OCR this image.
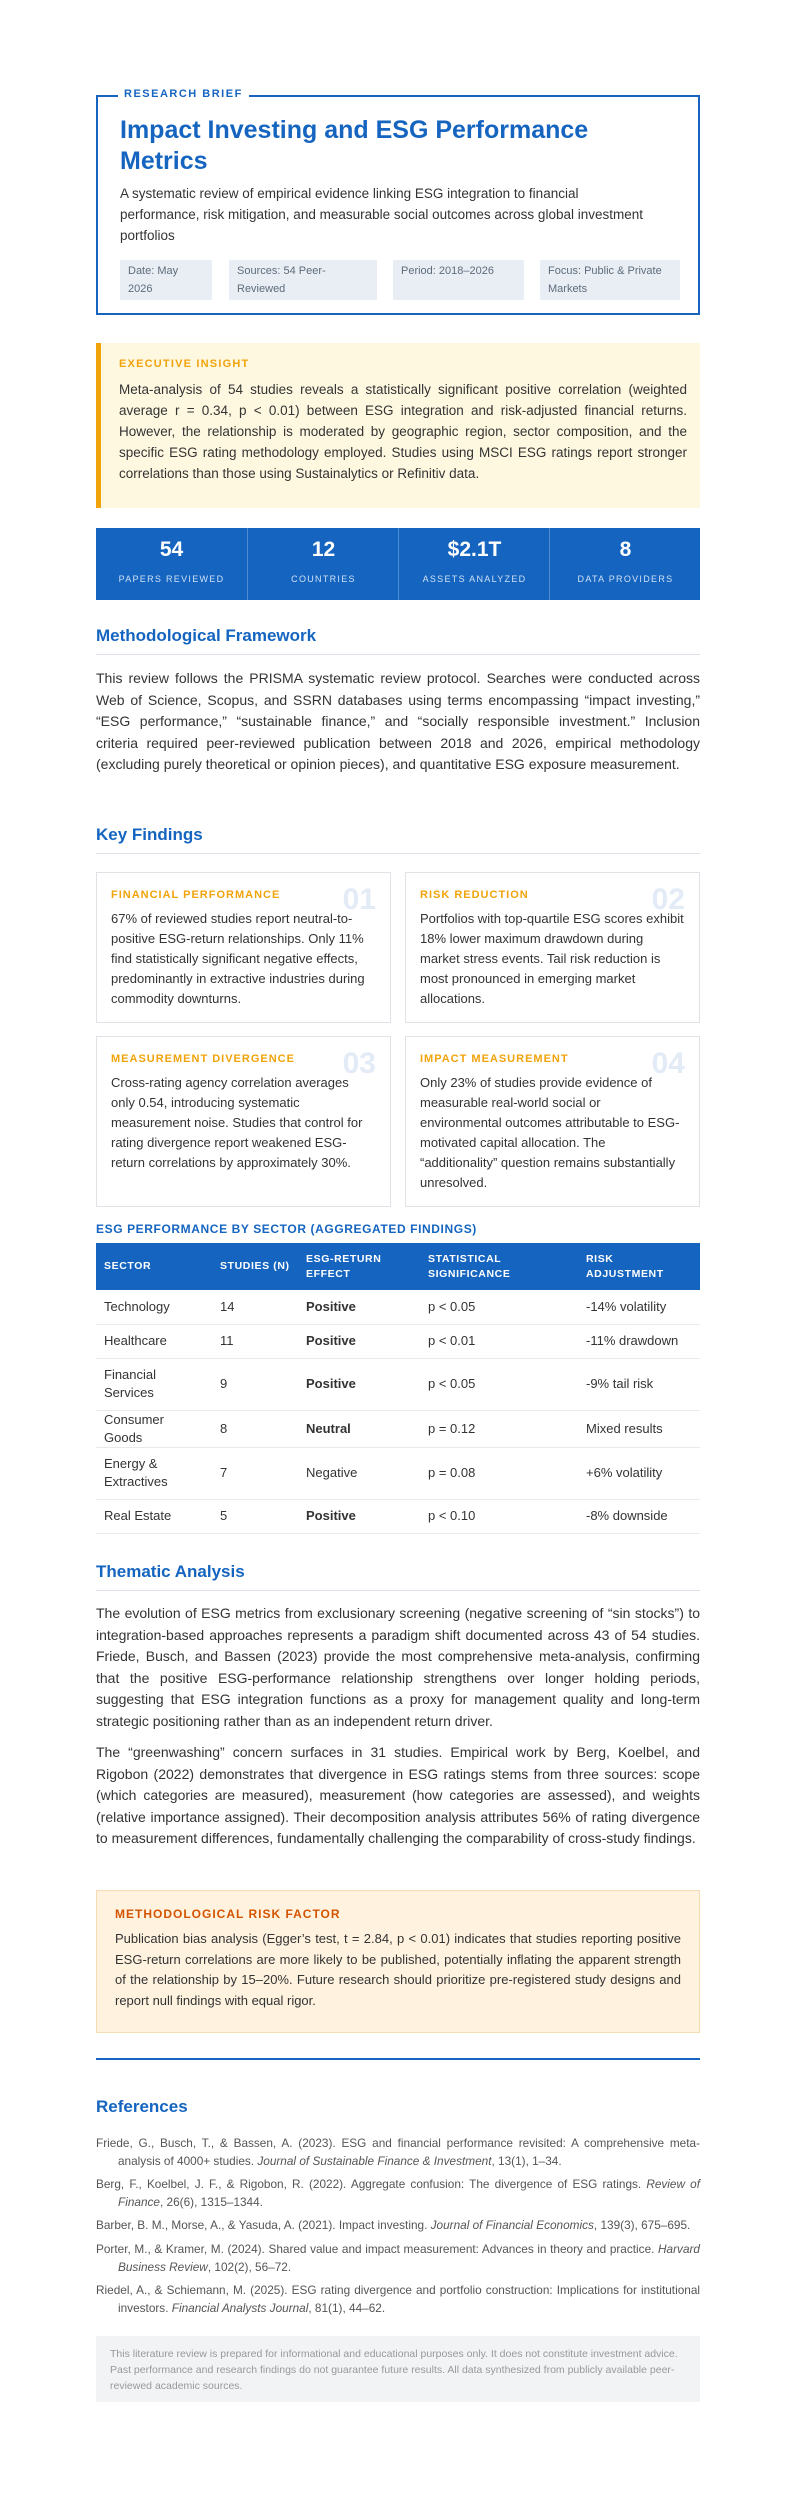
RESEARCH BRIEF
Impact Investing and ESG Performance Metrics
A systematic review of empirical evidence linking ESG integration to financial performance, risk mitigation, and measurable social outcomes across global investment portfolios
Date: May 2026
Sources: 54 Peer-Reviewed
Period: 2018–2026	Focus: Public & Private Markets
EXECUTIVE INSIGHT
Meta-analysis of 54 studies reveals a statistically significant positive correlation (weighted average r = 0.34, p < 0.01) between ESG integration and risk-adjusted financial returns. However, the relationship is moderated by geographic region, sector composition, and the specific ESG rating methodology employed. Studies using MSCI ESG ratings report stronger correlations than those using Sustainalytics or Refinitiv data.
54
PAPERS REVIEWED
12
COUNTRIES
$2.1T
ASSETS ANALYZED
8
DATA PROVIDERS
Methodological Framework

This review follows the PRISMA systematic review protocol. Searches were conducted across Web of Science, Scopus, and SSRN databases using terms encompassing “impact investing,” “ESG performance,” “sustainable finance,” and “socially responsible investment.” Inclusion criteria required peer-reviewed publication between 2018 and 2026, empirical methodology (excluding purely theoretical or opinion pieces), and quantitative ESG exposure measurement.

Key Findings
FINANCIAL PERFORMANCE 01
67% of reviewed studies report neutral-to-positive ESG-return relationships. Only 11% find statistically significant negative effects, predominantly in extractive industries during commodity downturns.
RISK REDUCTION	02
Portfolios with top-quartile ESG scores exhibit 18% lower maximum drawdown during market stress events. Tail risk reduction is most pronounced in emerging market allocations.
MEASUREMENT DIVERGENCE 03
Cross-rating agency correlation averages only 0.54, introducing systematic measurement noise. Studies that control for rating divergence report weakened ESG-return correlations by approximately 30%.
IMPACT MEASUREMENT	04
Only 23% of studies provide evidence of measurable real-world social or environmental outcomes attributable to ESG-motivated capital allocation. The “additionality” question remains substantially unresolved.
ESG PERFORMANCE BY SECTOR (AGGREGATED FINDINGS)
SECTOR	STUDIES (N)	ESG-RETURN EFFECT	STATISTICAL SIGNIFICANCE	RISK ADJUSTMENT
Technology	14	Positive	p < 0.05	-14% volatility
Healthcare	11	Positive	p < 0.01	-11% drawdown
Financial Services	9	Positive	p < 0.05	-9% tail risk
Consumer Goods	8	Neutral	p = 0.12	Mixed results
Energy & Extractives	7	Negative	p = 0.08	+6% volatility
Real Estate	5	Positive	p < 0.10	-8% downside
Thematic Analysis

The evolution of ESG metrics from exclusionary screening (negative screening of “sin stocks”) to integration-based approaches represents a paradigm shift documented across 43 of 54 studies. Friede, Busch, and Bassen (2023) provide the most comprehensive meta-analysis, confirming that the positive ESG-performance relationship strengthens over longer holding periods, suggesting that ESG integration functions as a proxy for management quality and long-term strategic positioning rather than as an independent return driver.

The “greenwashing” concern surfaces in 31 studies. Empirical work by Berg, Koelbel, and Rigobon (2022) demonstrates that divergence in ESG ratings stems from three sources: scope (which categories are measured), measurement (how categories are assessed), and weights (relative importance assigned). Their decomposition analysis attributes 56% of rating divergence to measurement differences, fundamentally challenging the comparability of cross-study findings.

METHODOLOGICAL RISK FACTOR
Publication bias analysis (Egger’s test, t = 2.84, p < 0.01) indicates that studies reporting positive ESG-return correlations are more likely to be published, potentially inflating the apparent strength of the relationship by 15–20%. Future research should prioritize pre-registered study designs and report null findings with equal rigor.
References
Friede, G., Busch, T., & Bassen, A. (2023). ESG and financial performance revisited: A comprehensive meta-analysis of 4000+ studies. Journal of Sustainable Finance & Investment, 13(1), 1–34.
Berg, F., Koelbel, J. F., & Rigobon, R. (2022). Aggregate confusion: The divergence of ESG ratings. Review of Finance, 26(6), 1315–1344.
Barber, B. M., Morse, A., & Yasuda, A. (2021). Impact investing. Journal of Financial Economics, 139(3), 675–695.
Porter, M., & Kramer, M. (2024). Shared value and impact measurement: Advances in theory and practice. Harvard Business Review, 102(2), 56–72.
Riedel, A., & Schiemann, M. (2025). ESG rating divergence and portfolio construction: Implications for institutional investors. Financial Analysts Journal, 81(1), 44–62.
This literature review is prepared for informational and educational purposes only. It does not constitute investment advice. Past performance and research findings do not guarantee future results. All data synthesized from publicly available peer-reviewed academic sources.
